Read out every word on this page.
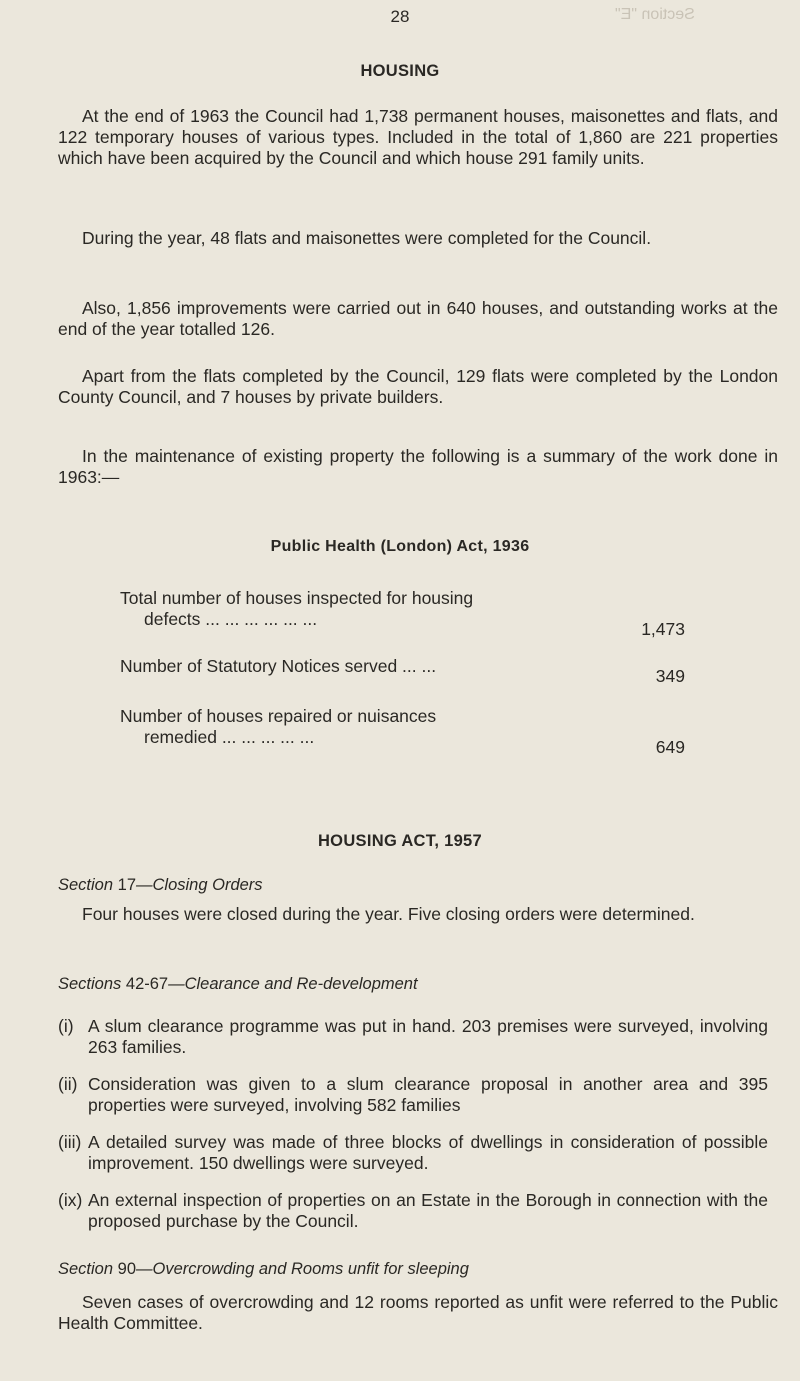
Section "E"
28
HOUSING

At the end of 1963 the Council had 1,738 permanent houses, maisonettes and flats, and 122 temporary houses of various types. Included in the total of 1,860 are 221 properties which have been acquired by the Council and which house 291 family units.

During the year, 48 flats and maisonettes were completed for the Council.

Also, 1,856 improvements were carried out in 640 houses, and outstanding works at the end of the year totalled 126.

Apart from the flats completed by the Council, 129 flats were completed by the London County Council, and 7 houses by private builders.

In the maintenance of existing property the following is a summary of the work done in 1963:—

Public Health (London) Act, 1936
Total number of houses inspected for housing
defects ... ... ... ... ... ...	1,473
Number of Statutory Notices served ... ...	349
Number of houses repaired or nuisances
remedied ... ... ... ... ...	649
HOUSING ACT, 1957
Section 17—Closing Orders

Four houses were closed during the year. Five closing orders were determined.

Sections 42-67—Clearance and Re-development
(i) A slum clearance programme was put in hand. 203 premises were surveyed, involving 263 families.
(ii) Consideration was given to a slum clearance proposal in another area and 395 properties were surveyed, involving 582 families
(iii) A detailed survey was made of three blocks of dwellings in consideration of possible improvement. 150 dwellings were surveyed.
(ix) An external inspection of properties on an Estate in the Borough in connection with the proposed purchase by the Council.
Section 90—Overcrowding and Rooms unfit for sleeping

Seven cases of overcrowding and 12 rooms reported as unfit were referred to the Public Health Committee.
